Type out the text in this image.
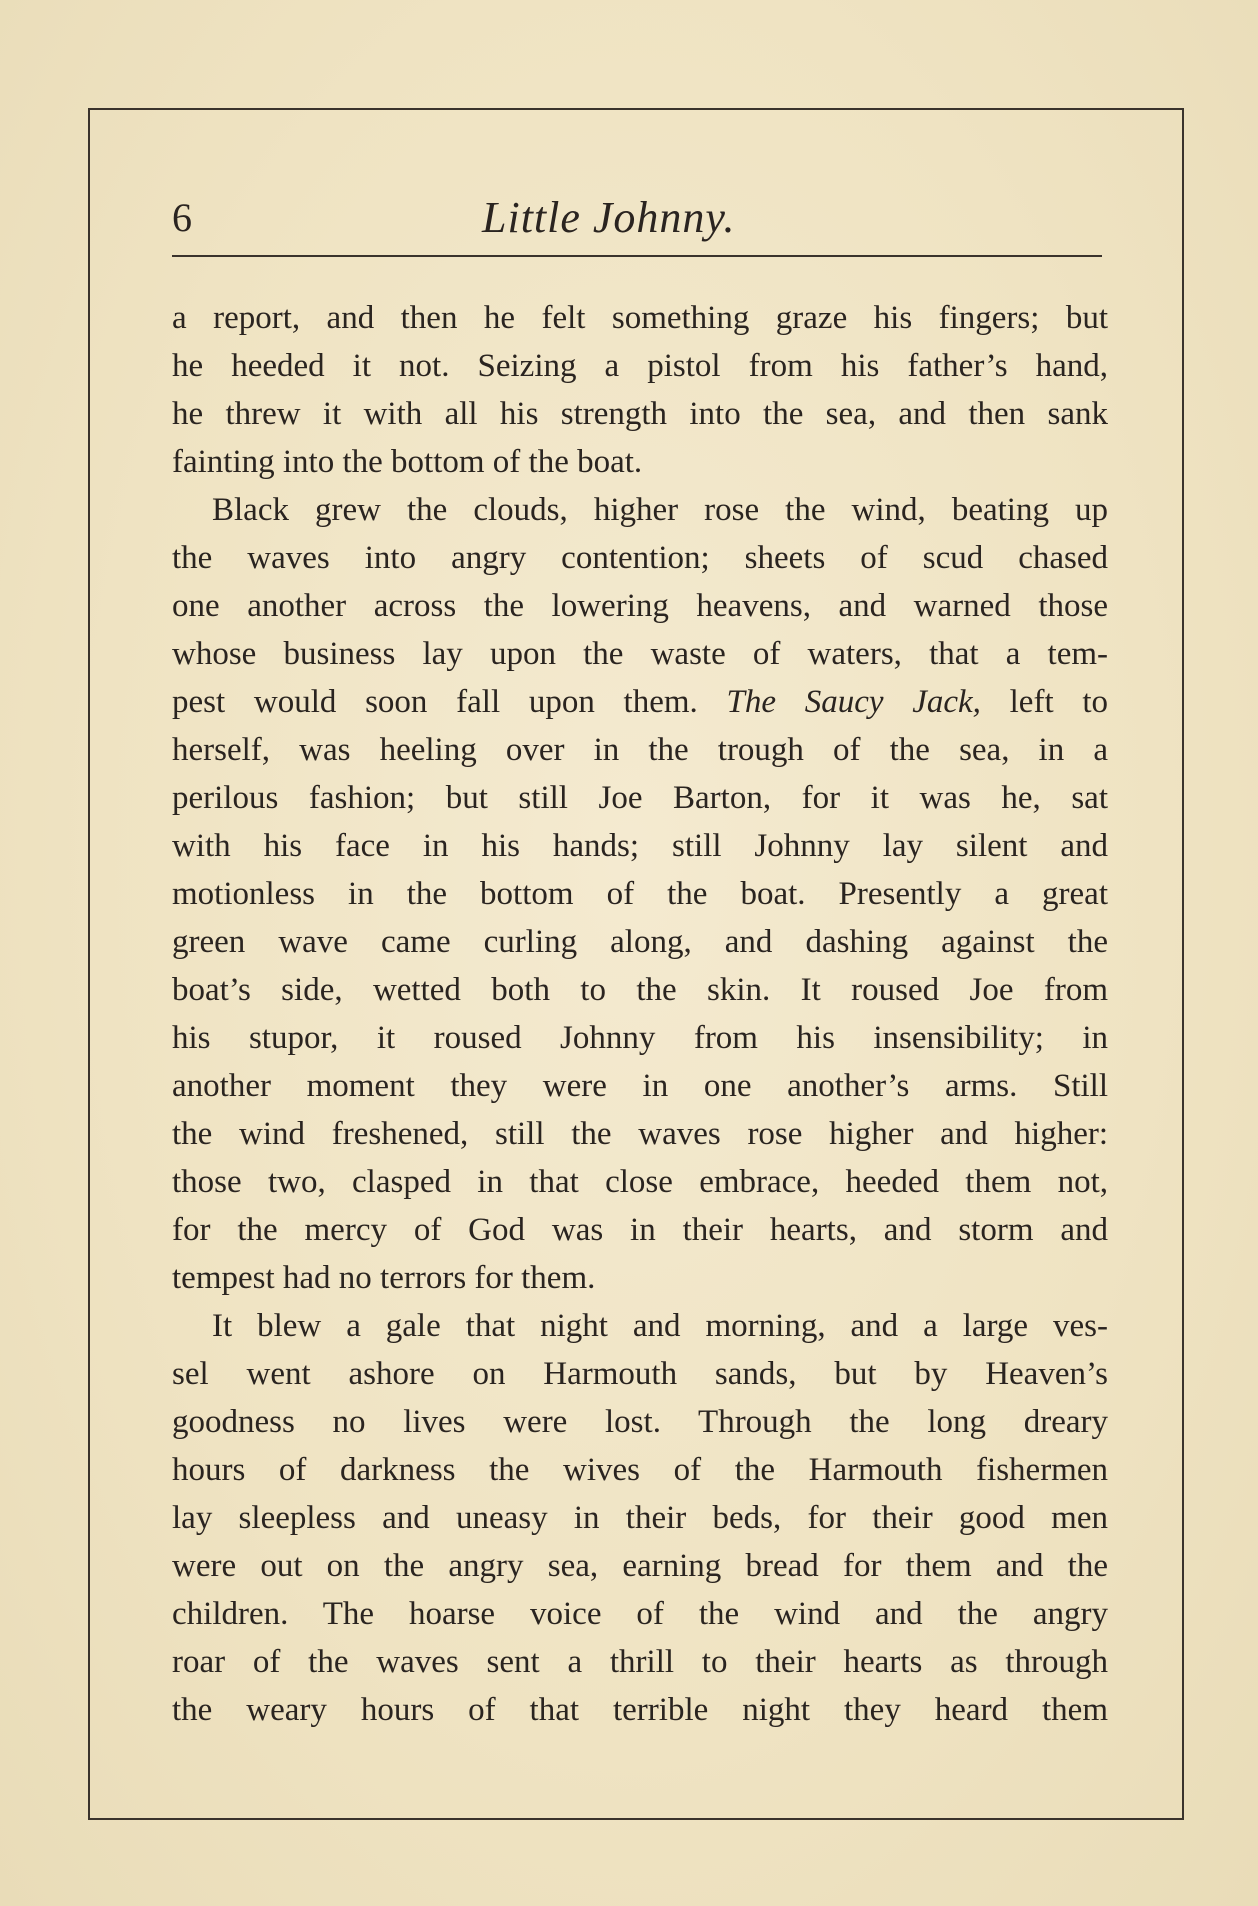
6	Little Johnny.
a report, and then he felt something graze his fingers; but
he heeded it not. Seizing a pistol from his father’s hand,
he threw it with all his strength into the sea, and then sank
fainting into the bottom of the boat.
Black grew the clouds, higher rose the wind, beating up
the waves into angry contention; sheets of scud chased
one another across the lowering heavens, and warned those
whose business lay upon the waste of waters, that a tem-
pest would soon fall upon them. The Saucy Jack, left to
herself, was heeling over in the trough of the sea, in a
perilous fashion; but still Joe Barton, for it was he, sat
with his face in his hands; still Johnny lay silent and
motionless in the bottom of the boat. Presently a great
green wave came curling along, and dashing against the
boat’s side, wetted both to the skin. It roused Joe from
his stupor, it roused Johnny from his insensibility; in
another moment they were in one another’s arms. Still
the wind freshened, still the waves rose higher and higher:
those two, clasped in that close embrace, heeded them not,
for the mercy of God was in their hearts, and storm and
tempest had no terrors for them.
It blew a gale that night and morning, and a large ves-
sel went ashore on Harmouth sands, but by Heaven’s
goodness no lives were lost. Through the long dreary
hours of darkness the wives of the Harmouth fishermen
lay sleepless and uneasy in their beds, for their good men
were out on the angry sea, earning bread for them and the
children. The hoarse voice of the wind and the angry
roar of the waves sent a thrill to their hearts as through
the weary hours of that terrible night they heard them
